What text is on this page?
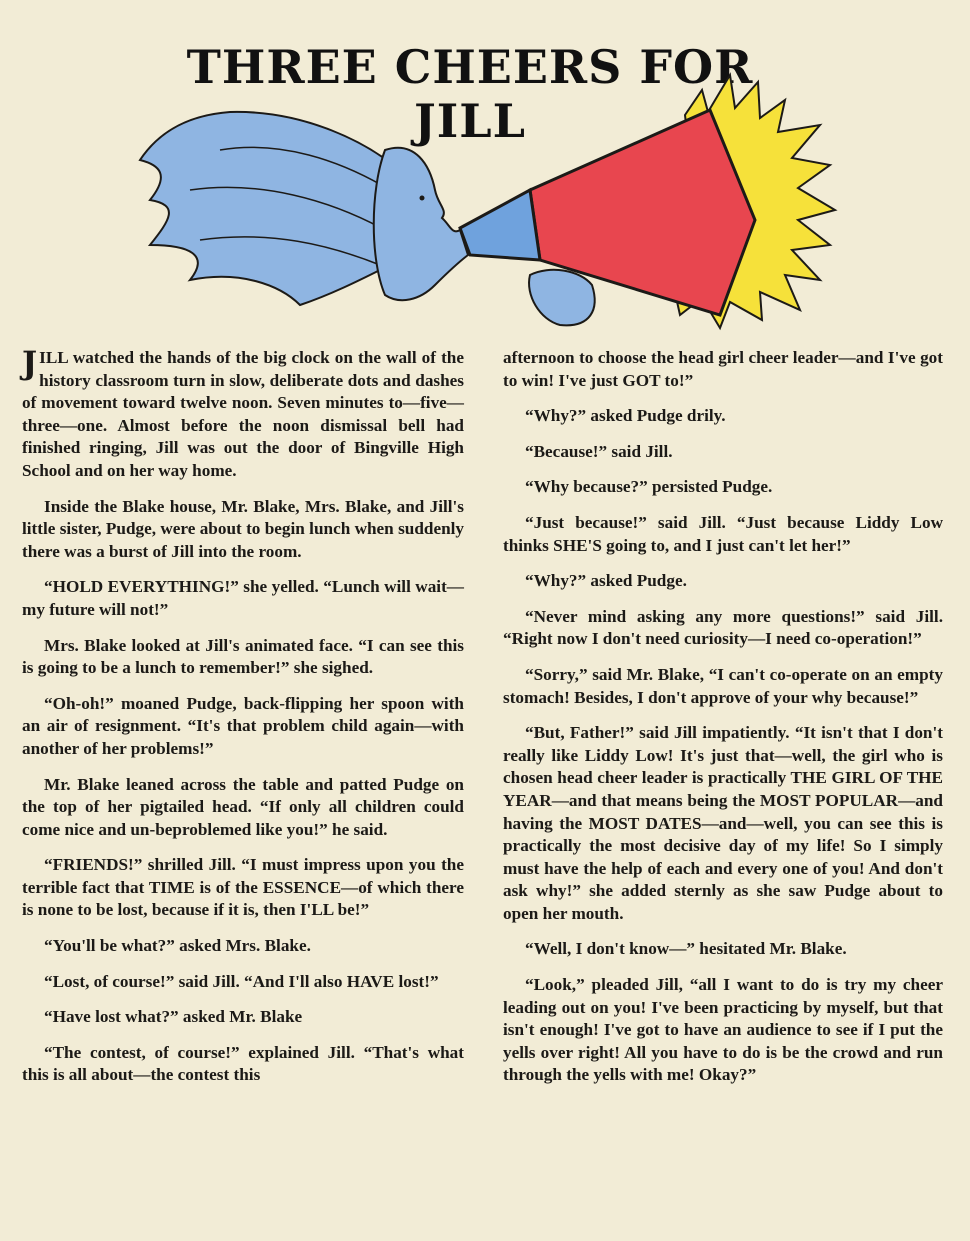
THREE CHEERS FOR JILL

JILL watched the hands of the big clock on the wall of the history classroom turn in slow, deliberate dots and dashes of movement toward twelve noon. Seven minutes to—five—three—one. Almost before the noon dismissal bell had finished ringing, Jill was out the door of Bingville High School and on her way home.

Inside the Blake house, Mr. Blake, Mrs. Blake, and Jill's little sister, Pudge, were about to begin lunch when suddenly there was a burst of Jill into the room.

“HOLD EVERYTHING!” she yelled. “Lunch will wait—my future will not!”

Mrs. Blake looked at Jill's animated face. “I can see this is going to be a lunch to remember!” she sighed.

“Oh-oh!” moaned Pudge, back-flipping her spoon with an air of resignment. “It's that problem child again—with another of her problems!”

Mr. Blake leaned across the table and patted Pudge on the top of her pigtailed head. “If only all children could come nice and un-beproblemed like you!” he said.

“FRIENDS!” shrilled Jill. “I must impress upon you the terrible fact that TIME is of the ESSENCE—of which there is none to be lost, because if it is, then I'LL be!”

“You'll be what?” asked Mrs. Blake.

“Lost, of course!” said Jill. “And I'll also HAVE lost!”

“Have lost what?” asked Mr. Blake

“The contest, of course!” explained Jill. “That's what this is all about—the contest this

afternoon to choose the head girl cheer leader—and I've got to win! I've just GOT to!”

“Why?” asked Pudge drily.

“Because!” said Jill.

“Why because?” persisted Pudge.

“Just because!” said Jill. “Just because Liddy Low thinks SHE'S going to, and I just can't let her!”

“Why?” asked Pudge.

“Never mind asking any more questions!” said Jill. “Right now I don't need curiosity—I need co-operation!”

“Sorry,” said Mr. Blake, “I can't co-operate on an empty stomach! Besides, I don't approve of your why because!”

“But, Father!” said Jill impatiently. “It isn't that I don't really like Liddy Low! It's just that—well, the girl who is chosen head cheer leader is practically THE GIRL OF THE YEAR—and that means being the MOST POPULAR—and having the MOST DATES—and—well, you can see this is practically the most decisive day of my life! So I simply must have the help of each and every one of you! And don't ask why!” she added sternly as she saw Pudge about to open her mouth.

“Well, I don't know—” hesitated Mr. Blake.

“Look,” pleaded Jill, “all I want to do is try my cheer leading out on you! I've been practicing by myself, but that isn't enough! I've got to have an audience to see if I put the yells over right! All you have to do is be the crowd and run through the yells with me! Okay?”
